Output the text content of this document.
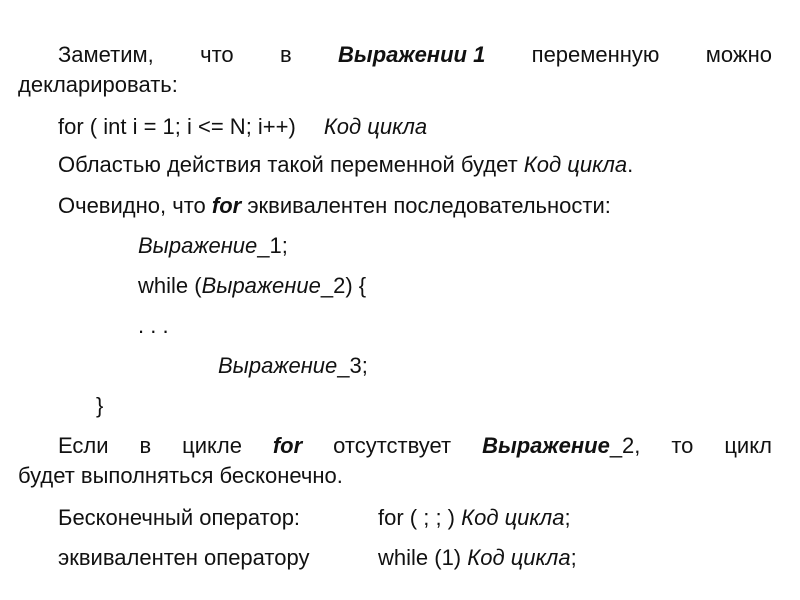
Заметим, что в Выражении 1 переменную можно
декларировать:
for ( int i = 1; i <= N; i++) Код цикла
Областью действия такой переменной будет Код цикла.
Очевидно, что for эквивалентен последовательности:
Выражение_1;
while (Выражение_2) {
. . .
Выражение_3;
}
Если в цикле for отсутствует Выражение_2, то цикл
будет выполняться бесконечно.
Бесконечный оператор:	for ( ; ; ) Код цикла;
эквивалентен оператору	while (1) Код цикла;
